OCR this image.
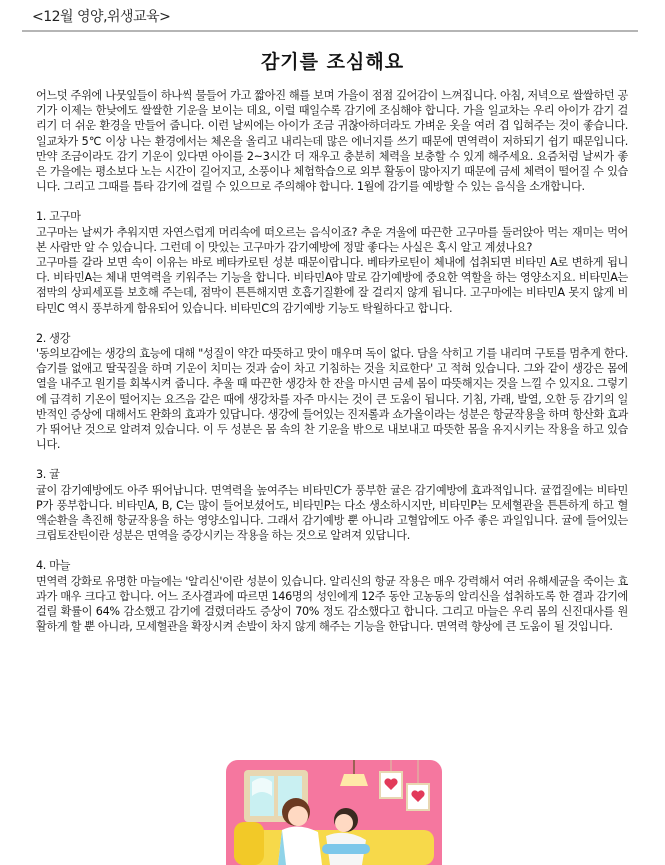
<12월 영양,위생교육>
감기를 조심해요

어느덧 주위에 나뭇잎들이 하나씩 물들어 가고 짧아진 해를 보며 가을이 점점 깊어감이 느껴집니다. 아침, 저녁으로 쌀쌀하던 공기가 이제는 한낮에도 쌀쌀한 기운을 보이는 데요, 이럴 때일수록 감기에 조심해야 합니다. 가을 일교차는 우리 아이가 감기 걸리기 더 쉬운 환경을 만들어 줍니다. 이런 날씨에는 아이가 조금 귀찮아하더라도 가벼운 옷을 여러 겹 입혀주는 것이 좋습니다. 일교차가 5℃ 이상 나는 환경에서는 체온을 올리고 내리는데 많은 에너지를 쓰기 때문에 면역력이 저하되기 쉽기 때문입니다. 만약 조금이라도 감기 기운이 있다면 아이를 2~3시간 더 재우고 충분히 체력을 보충할 수 있게 해주세요. 요즘처럼 날씨가 좋은 가을에는 평소보다 노는 시간이 길어지고, 소풍이나 체험학습으로 외부 활동이 많아지기 때문에 금세 체력이 떨어질 수 있습니다. 그리고 그때를 틈타 감기에 걸릴 수 있으므로 주의해야 합니다. 1월에 감기를 예방할 수 있는 음식을 소개합니다.

1. 고구마

고구마는 날씨가 추워지면 자연스럽게 머리속에 떠오르는 음식이죠? 추운 겨울에 따끈한 고구마를 둘러앉아 먹는 재미는 먹어본 사람만 알 수 있습니다. 그런데 이 맛있는 고구마가 감기예방에 정말 좋다는 사실은 혹시 알고 계셨나요?
고구마를 갈라 보면 속이 이유는 바로 베타카로틴 성분 때문이랍니다. 베타카로틴이 체내에 섭취되면 비타민 A로 변하게 됩니다. 비타민A는 체내 면역력을 키워주는 기능을 합니다. 비타민A야 말로 감기예방에 중요한 역할을 하는 영양소지요. 비타민A는 점막의 상피세포를 보호해 주는데, 점막이 튼튼해지면 호흡기질환에 잘 걸리지 않게 됩니다. 고구마에는 비타민A 못지 않게 비타민C 역시 풍부하게 함유되어 있습니다. 비타민C의 감기예방 기능도 탁월하다고 합니다.

2. 생강

'동의보감에는 생강의 효능에 대해 "성질이 약간 따뜻하고 맛이 매우며 독이 없다. 담을 삭히고 기를 내리며 구토를 멈추게 한다. 습기를 없애고 딸꾹질을 하며 기운이 치미는 것과 숨이 차고 기침하는 것을 치료한다' 고 적혀 있습니다. 그와 같이 생강은 몸에 열을 내주고 원기를 회복시켜 줍니다. 추울 때 따끈한 생강차 한 잔을 마시면 금세 몸이 따뜻해지는 것을 느낄 수 있지요. 그렇기에 급격히 기온이 떨어지는 요즈음 같은 때에 생강차를 자주 마시는 것이 큰 도움이 됩니다. 기침, 가래, 발열, 오한 등 감기의 일반적인 증상에 대해서도 완화의 효과가 있답니다. 생강에 들어있는 진저롤과 쇼가올이라는 성분은 항균작용을 하며 항산화 효과가 뛰어난 것으로 알려져 있습니다. 이 두 성분은 몸 속의 찬 기운을 밖으로 내보내고 따뜻한 몸을 유지시키는 작용을 하고 있습니다.

3. 귤

귤이 감기예방에도 아주 뛰어납니다. 면역력을 높여주는 비타민C가 풍부한 귤은 감기예방에 효과적입니다. 귤껍질에는 비타민P가 풍부합니다. 비타민A, B, C는 많이 들어보셨어도, 비타민P는 다소 생소하시지만, 비타민P는 모세혈관을 튼튼하게 하고 혈액순환을 촉진해 항균작용을 하는 영양소입니다. 그래서 감기예방 뿐 아니라 고혈압에도 아주 좋은 과일입니다. 귤에 들어있는 크립토잔틴이란 성분은 면역을 증강시키는 작용을 하는 것으로 알려져 있답니다.

4. 마늘

면역력 강화로 유명한 마늘에는 '알리신'이란 성분이 있습니다. 알리신의 항균 작용은 매우 강력해서 여러 유해세균을 죽이는 효과가 매우 크다고 합니다. 어느 조사결과에 따르면 146명의 성인에게 12주 동안 고농동의 알리신을 섭취하도록 한 결과 감기에 걸릴 확률이 64% 감소했고 감기에 걸렸더라도 증상이 70% 정도 감소했다고 합니다. 그리고 마늘은 우리 몸의 신진대사를 원활하게 할 뿐 아니라, 모세혈관을 확장시켜 손발이 차지 않게 해주는 기능을 한답니다. 면역력 향상에 큰 도움이 될 것입니다.
